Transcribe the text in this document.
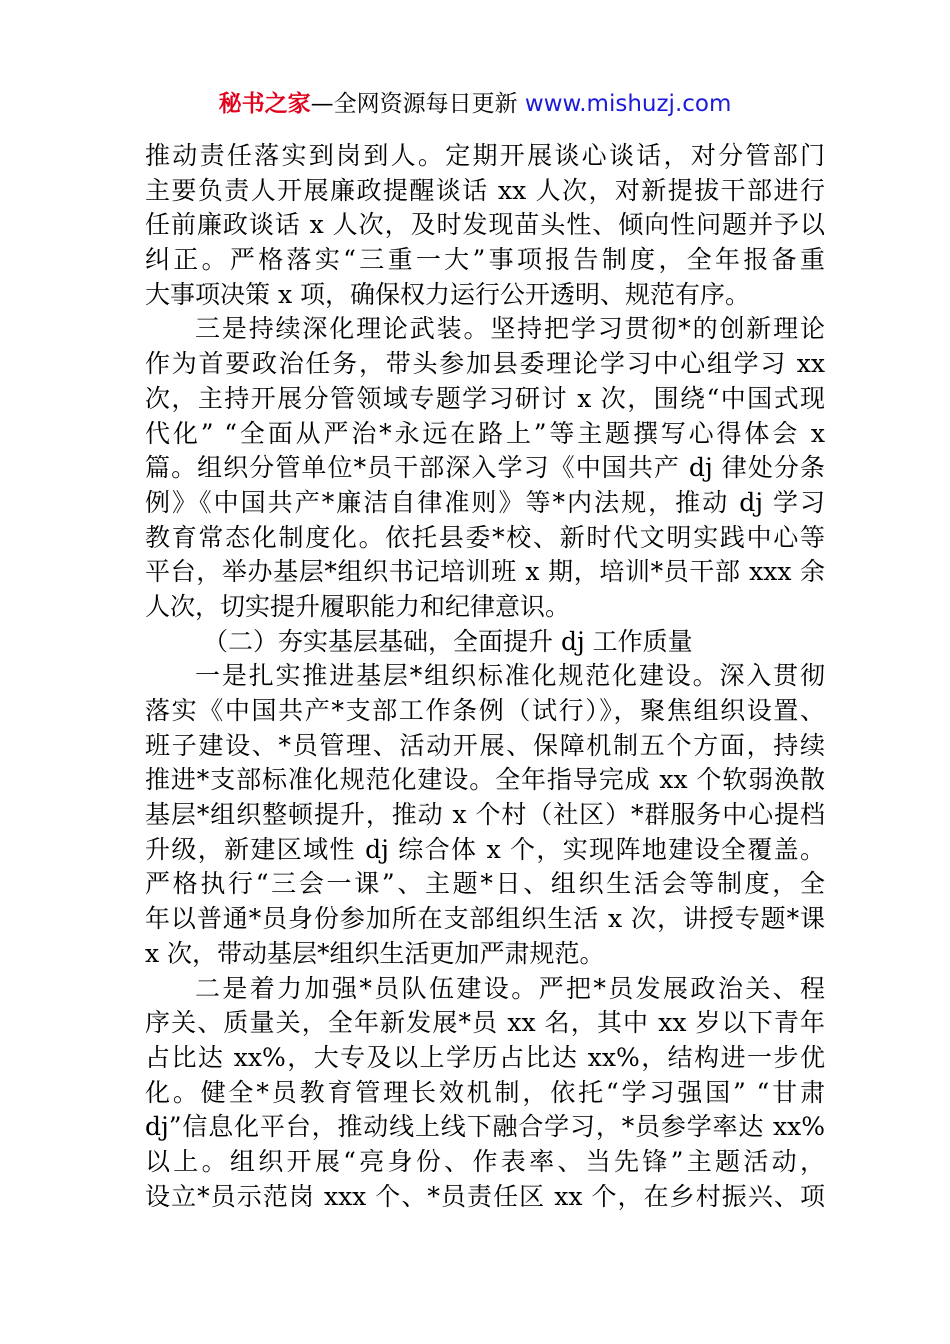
秘书之家—全网资源每日更新 www.mishuzj.com
推动责任落实到岗到人。定期开展谈心谈话，对分管部门
主要负责人开展廉政提醒谈话 xx 人次，对新提拔干部进行
任前廉政谈话 x 人次，及时发现苗头性、倾向性问题并予以
纠正。严格落实“三重一大”事项报告制度，全年报备重
大事项决策 x 项，确保权力运行公开透明、规范有序。
三是持续深化理论武装。坚持把学习贯彻*的创新理论
作为首要政治任务，带头参加县委理论学习中心组学习 xx
次，主持开展分管领域专题学习研讨 x 次，围绕“中国式现
代化” “全面从严治*永远在路上”等主题撰写心得体会 x
篇。组织分管单位*员干部深入学习《中国共产 dj 律处分条
例》《中国共产*廉洁自律准则》等*内法规，推动 dj 学习
教育常态化制度化。依托县委*校、新时代文明实践中心等
平台，举办基层*组织书记培训班 x 期，培训*员干部 xxx 余
人次，切实提升履职能力和纪律意识。
（二）夯实基层基础，全面提升 dj 工作质量
一是扎实推进基层*组织标准化规范化建设。深入贯彻
落实《中国共产*支部工作条例（试行）》，聚焦组织设置、
班子建设、*员管理、活动开展、保障机制五个方面，持续
推进*支部标准化规范化建设。全年指导完成 xx 个软弱涣散
基层*组织整顿提升，推动 x 个村（社区）*群服务中心提档
升级，新建区域性 dj 综合体 x 个，实现阵地建设全覆盖。
严格执行“三会一课”、主题*日、组织生活会等制度，全
年以普通*员身份参加所在支部组织生活 x 次，讲授专题*课
x 次，带动基层*组织生活更加严肃规范。
二是着力加强*员队伍建设。严把*员发展政治关、程
序关、质量关，全年新发展*员 xx 名，其中 xx 岁以下青年
占比达 xx%，大专及以上学历占比达 xx%，结构进一步优
化。健全*员教育管理长效机制，依托“学习强国” “甘肃
dj”信息化平台，推动线上线下融合学习，*员参学率达 xx%
以上。组织开展“亮身份、作表率、当先锋”主题活动，
设立*员示范岗 xxx 个、*员责任区 xx 个，在乡村振兴、项
